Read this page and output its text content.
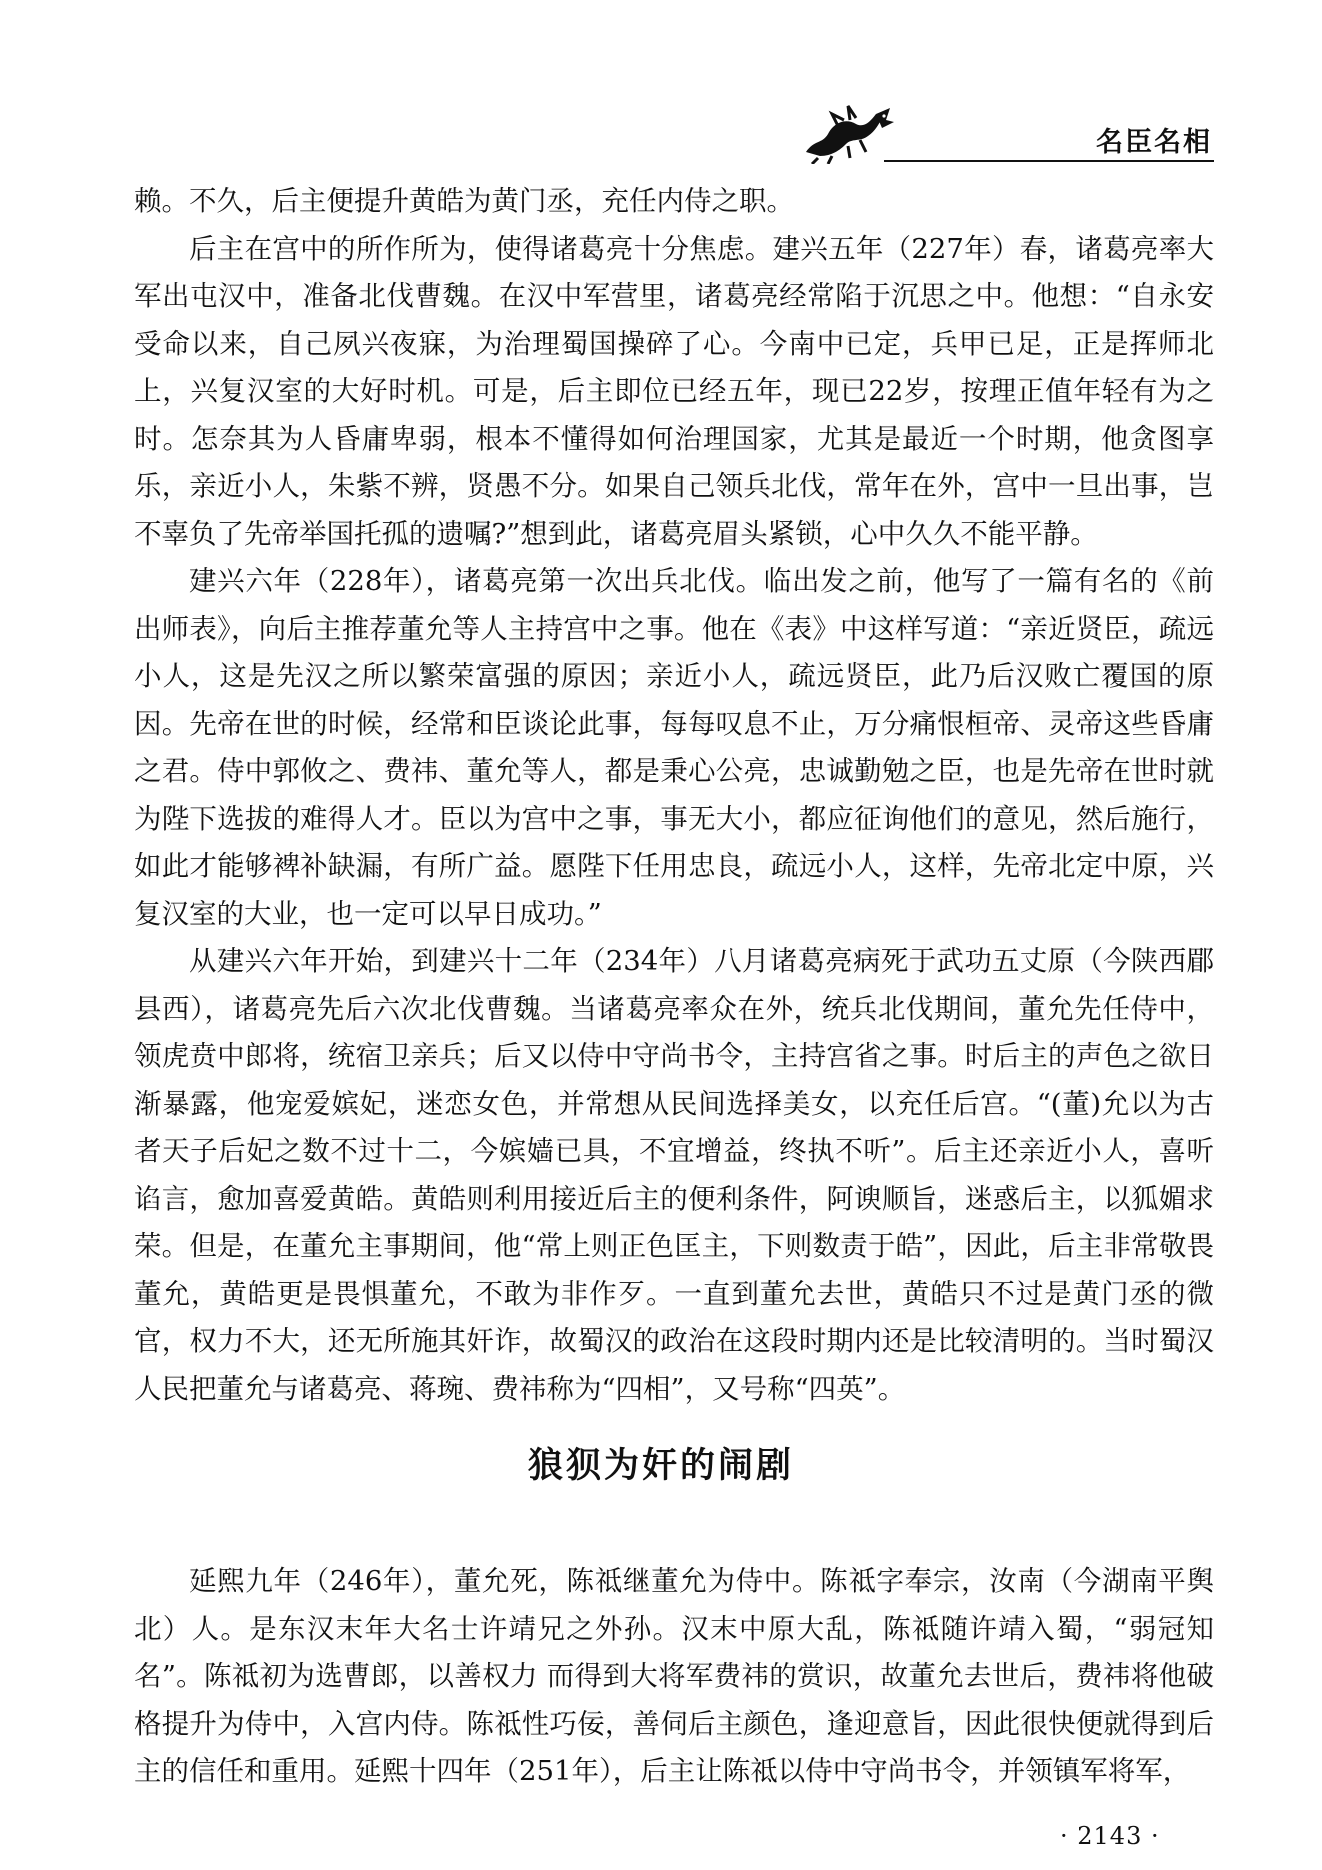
名臣名相

赖。不久，后主便提升黄皓为黄门丞，充任内侍之职。

后主在宫中的所作所为，使得诸葛亮十分焦虑。建兴五年（227年）春，诸葛亮率大军出屯汉中，准备北伐曹魏。在汉中军营里，诸葛亮经常陷于沉思之中。他想：“自永安受命以来，自己夙兴夜寐，为治理蜀国操碎了心。今南中已定，兵甲已足，正是挥师北上，兴复汉室的大好时机。可是，后主即位已经五年，现已22岁，按理正值年轻有为之时。怎奈其为人昏庸卑弱，根本不懂得如何治理国家，尤其是最近一个时期，他贪图享乐，亲近小人，朱紫不辨，贤愚不分。如果自己领兵北伐，常年在外，宫中一旦出事，岂不辜负了先帝举国托孤的遗嘱?”想到此，诸葛亮眉头紧锁，心中久久不能平静。

建兴六年（228年），诸葛亮第一次出兵北伐。临出发之前，他写了一篇有名的《前出师表》，向后主推荐董允等人主持宫中之事。他在《表》中这样写道：“亲近贤臣，疏远小人，这是先汉之所以繁荣富强的原因；亲近小人，疏远贤臣，此乃后汉败亡覆国的原因。先帝在世的时候，经常和臣谈论此事，每每叹息不止，万分痛恨桓帝、灵帝这些昏庸之君。侍中郭攸之、费祎、董允等人，都是秉心公亮，忠诚勤勉之臣，也是先帝在世时就为陛下选拔的难得人才。臣以为宫中之事，事无大小，都应征询他们的意见，然后施行，如此才能够裨补缺漏，有所广益。愿陛下任用忠良，疏远小人，这样，先帝北定中原，兴复汉室的大业，也一定可以早日成功。”

从建兴六年开始，到建兴十二年（234年）八月诸葛亮病死于武功五丈原（今陕西郿县西），诸葛亮先后六次北伐曹魏。当诸葛亮率众在外，统兵北伐期间，董允先任侍中，领虎贲中郎将，统宿卫亲兵；后又以侍中守尚书令，主持宫省之事。时后主的声色之欲日渐暴露，他宠爱嫔妃，迷恋女色，并常想从民间选择美女，以充任后宫。“(董)允以为古者天子后妃之数不过十二，今嫔嫱已具，不宜增益，终执不听”。后主还亲近小人，喜听谄言，愈加喜爱黄皓。黄皓则利用接近后主的便利条件，阿谀顺旨，迷惑后主，以狐媚求荣。但是，在董允主事期间，他“常上则正色匡主，下则数责于皓”，因此，后主非常敬畏董允，黄皓更是畏惧董允，不敢为非作歹。一直到董允去世，黄皓只不过是黄门丞的微官，权力不大，还无所施其奸诈，故蜀汉的政治在这段时期内还是比较清明的。当时蜀汉人民把董允与诸葛亮、蒋琬、费祎称为“四相”，又号称“四英”。

狼狈为奸的闹剧

延熙九年（246年），董允死，陈祗继董允为侍中。陈祗字奉宗，汝南（今湖南平舆北）人。是东汉末年大名士许靖兄之外孙。汉末中原大乱，陈祗随许靖入蜀，“弱冠知名”。陈祗初为选曹郎，以善权力 而得到大将军费祎的赏识，故董允去世后，费祎将他破格提升为侍中，入宫内侍。陈祗性巧佞，善伺后主颜色，逢迎意旨，因此很快便就得到后主的信任和重用。延熙十四年（251年），后主让陈祗以侍中守尚书令，并领镇军将军，

· 2143 ·
